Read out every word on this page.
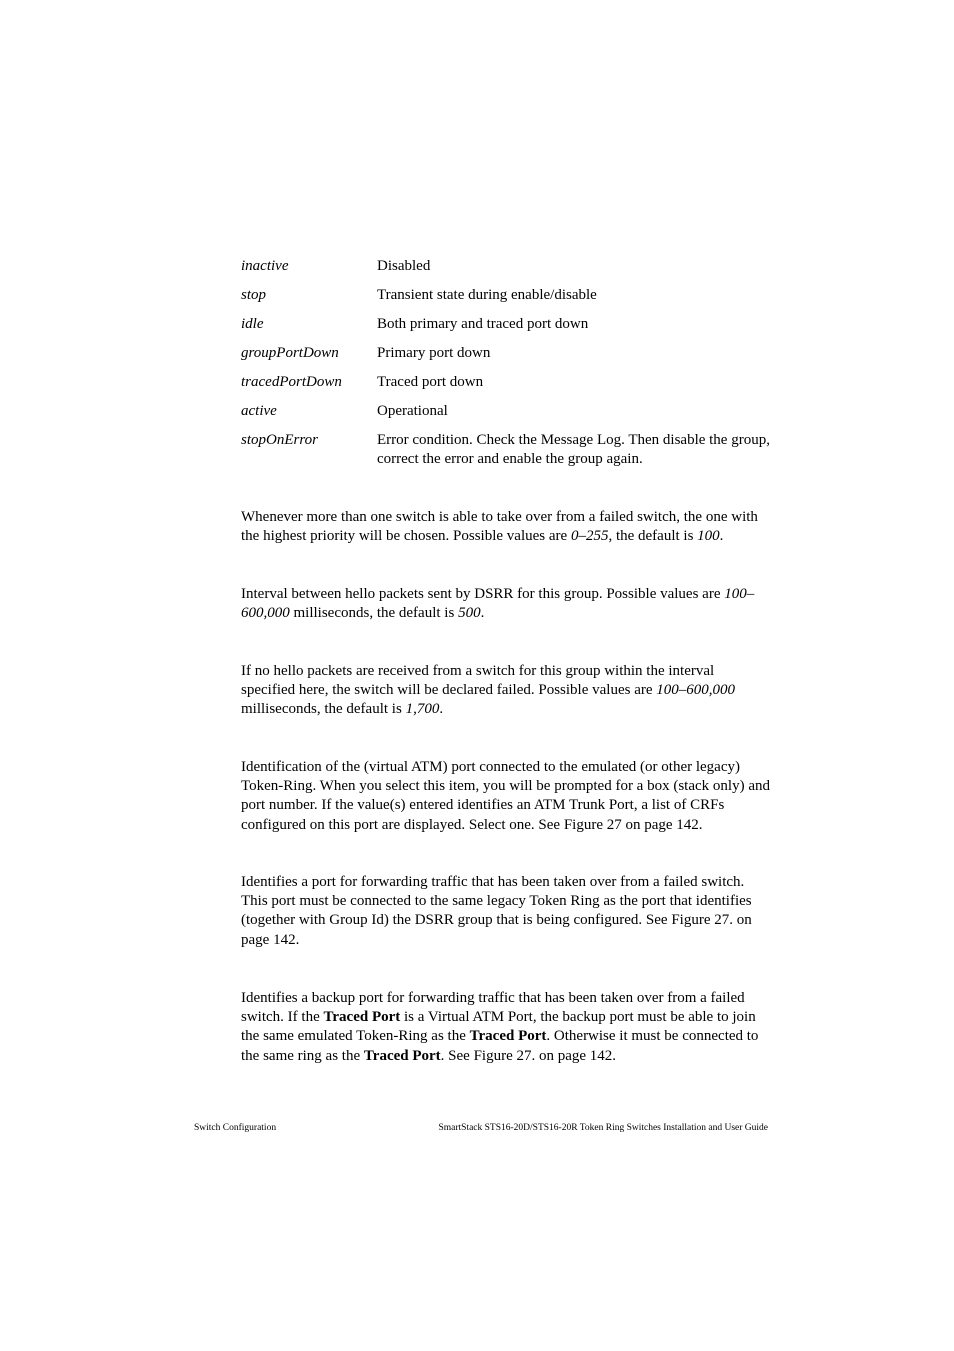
inactive	Disabled
stop	Transient state during enable/disable
idle	Both primary and traced port down
groupPortDown	Primary port down
tracedPortDown	Traced port down
active	Operational
stopOnError	Error condition. Check the Message Log. Then disable the group, correct the error and enable the group again.

Whenever more than one switch is able to take over from a failed switch, the one with the highest priority will be chosen. Possible values are 0–255, the default is 100.

Interval between hello packets sent by DSRR for this group. Possible values are 100–600,000 milliseconds, the default is 500.

If no hello packets are received from a switch for this group within the interval specified here, the switch will be declared failed. Possible values are 100–600,000 milliseconds, the default is 1,700.

Identification of the (virtual ATM) port connected to the emulated (or other legacy) Token-Ring. When you select this item, you will be prompted for a box (stack only) and port number. If the value(s) entered identifies an ATM Trunk Port, a list of CRFs configured on this port are displayed. Select one. See Figure 27 on page 142.

Identifies a port for forwarding traffic that has been taken over from a failed switch. This port must be connected to the same legacy Token Ring as the port that identifies (together with Group Id) the DSRR group that is being configured. See Figure 27. on page 142.

Identifies a backup port for forwarding traffic that has been taken over from a failed switch. If the Traced Port is a Virtual ATM Port, the backup port must be able to join the same emulated Token-Ring as the Traced Port. Otherwise it must be connected to the same ring as the Traced Port. See Figure 27. on page 142.

Switch Configuration	SmartStack STS16-20D/STS16-20R Token Ring Switches Installation and User Guide
